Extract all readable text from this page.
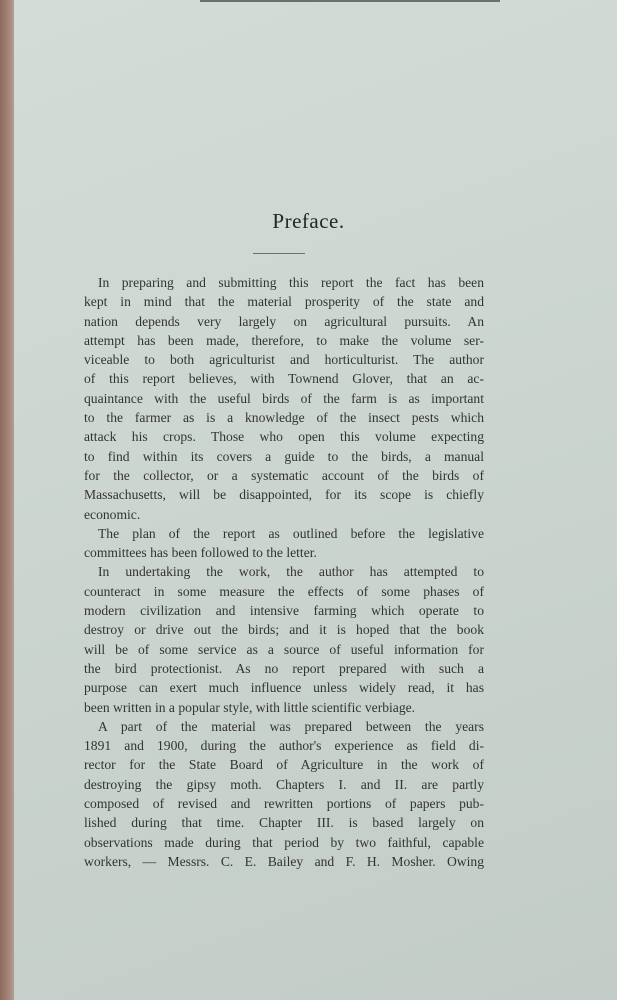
Preface.
In preparing and submitting this report the fact has been
kept in mind that the material prosperity of the state and
nation depends very largely on agricultural pursuits. An
attempt has been made, therefore, to make the volume ser-
viceable to both agriculturist and horticulturist. The author
of this report believes, with Townend Glover, that an ac-
quaintance with the useful birds of the farm is as important
to the farmer as is a knowledge of the insect pests which
attack his crops. Those who open this volume expecting
to find within its covers a guide to the birds, a manual
for the collector, or a systematic account of the birds of
Massachusetts, will be disappointed, for its scope is chiefly
economic.
The plan of the report as outlined before the legislative
committees has been followed to the letter.
In undertaking the work, the author has attempted to
counteract in some measure the effects of some phases of
modern civilization and intensive farming which operate to
destroy or drive out the birds; and it is hoped that the book
will be of some service as a source of useful information for
the bird protectionist. As no report prepared with such a
purpose can exert much influence unless widely read, it has
been written in a popular style, with little scientific verbiage.
A part of the material was prepared between the years
1891 and 1900, during the author's experience as field di-
rector for the State Board of Agriculture in the work of
destroying the gipsy moth. Chapters I. and II. are partly
composed of revised and rewritten portions of papers pub-
lished during that time. Chapter III. is based largely on
observations made during that period by two faithful, capable
workers, — Messrs. C. E. Bailey and F. H. Mosher. Owing
